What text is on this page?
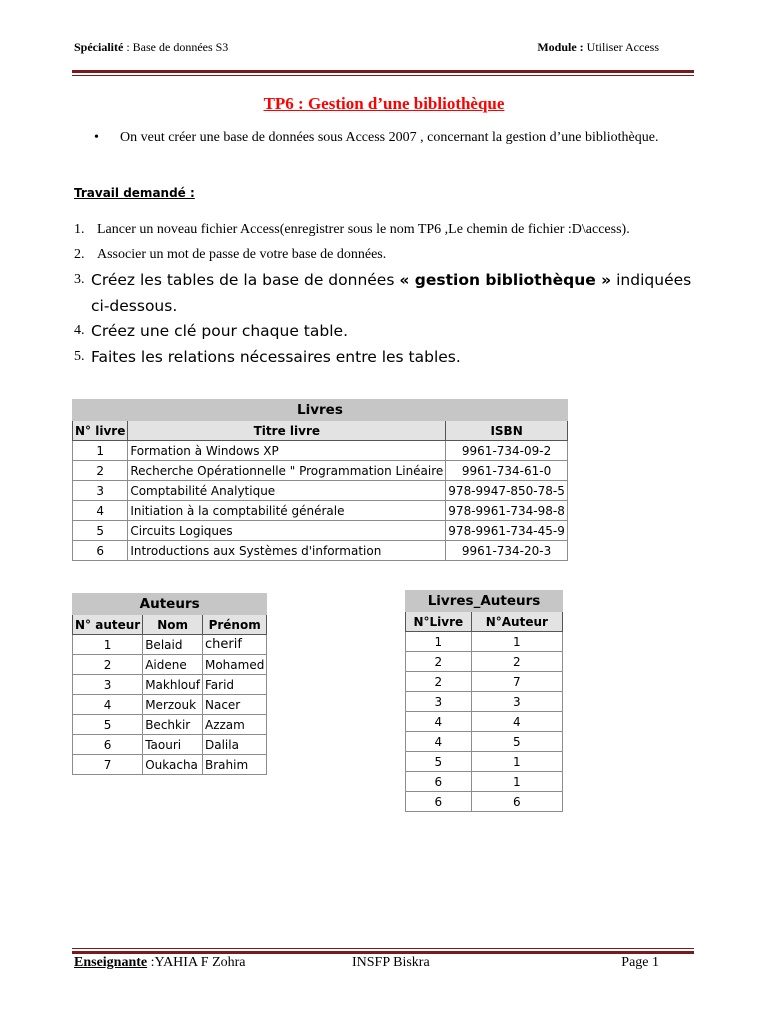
Spécialité : Base de données S3	Module : Utiliser Access
TP6 : Gestion d’une bibliothèque
• On veut créer une base de données sous Access 2007 , concernant la gestion d’une bibliothèque.
Travail demandé :
1. Lancer un noveau fichier Access(enregistrer sous le nom TP6 ,Le chemin de fichier :D\access).
2. Associer un mot de passe de votre base de données.
3. Créez les tables de la base de données « gestion bibliothèque » indiquées ci-dessous.
4. Créez une clé pour chaque table.
5. Faites les relations nécessaires entre les tables.
Livres		
N° livre	Titre livre	ISBN
1	Formation à Windows XP	9961-734-09-2
2	Recherche Opérationnelle " Programmation Linéaire	9961-734-61-0
3	Comptabilité Analytique	978-9947-850-78-5
4	Initiation à la comptabilité générale	978-9961-734-98-8
5	Circuits Logiques	978-9961-734-45-9
6	Introductions aux Systèmes d'information	9961-734-20-3
Auteurs		
N° auteur	Nom	Prénom
1	Belaid	cherif
2	Aidene	Mohamed
3	Makhlouf	Farid
4	Merzouk	Nacer
5	Bechkir	Azzam
6	Taouri	Dalila
7	Oukacha	Brahim
Livres_Auteurs	
N°Livre	N°Auteur
1	1
2	2
2	7
3	3
4	4
4	5
5	1
6	1
6	6
Enseignante :YAHIA F Zohra	INSFP Biskra	Page 1
